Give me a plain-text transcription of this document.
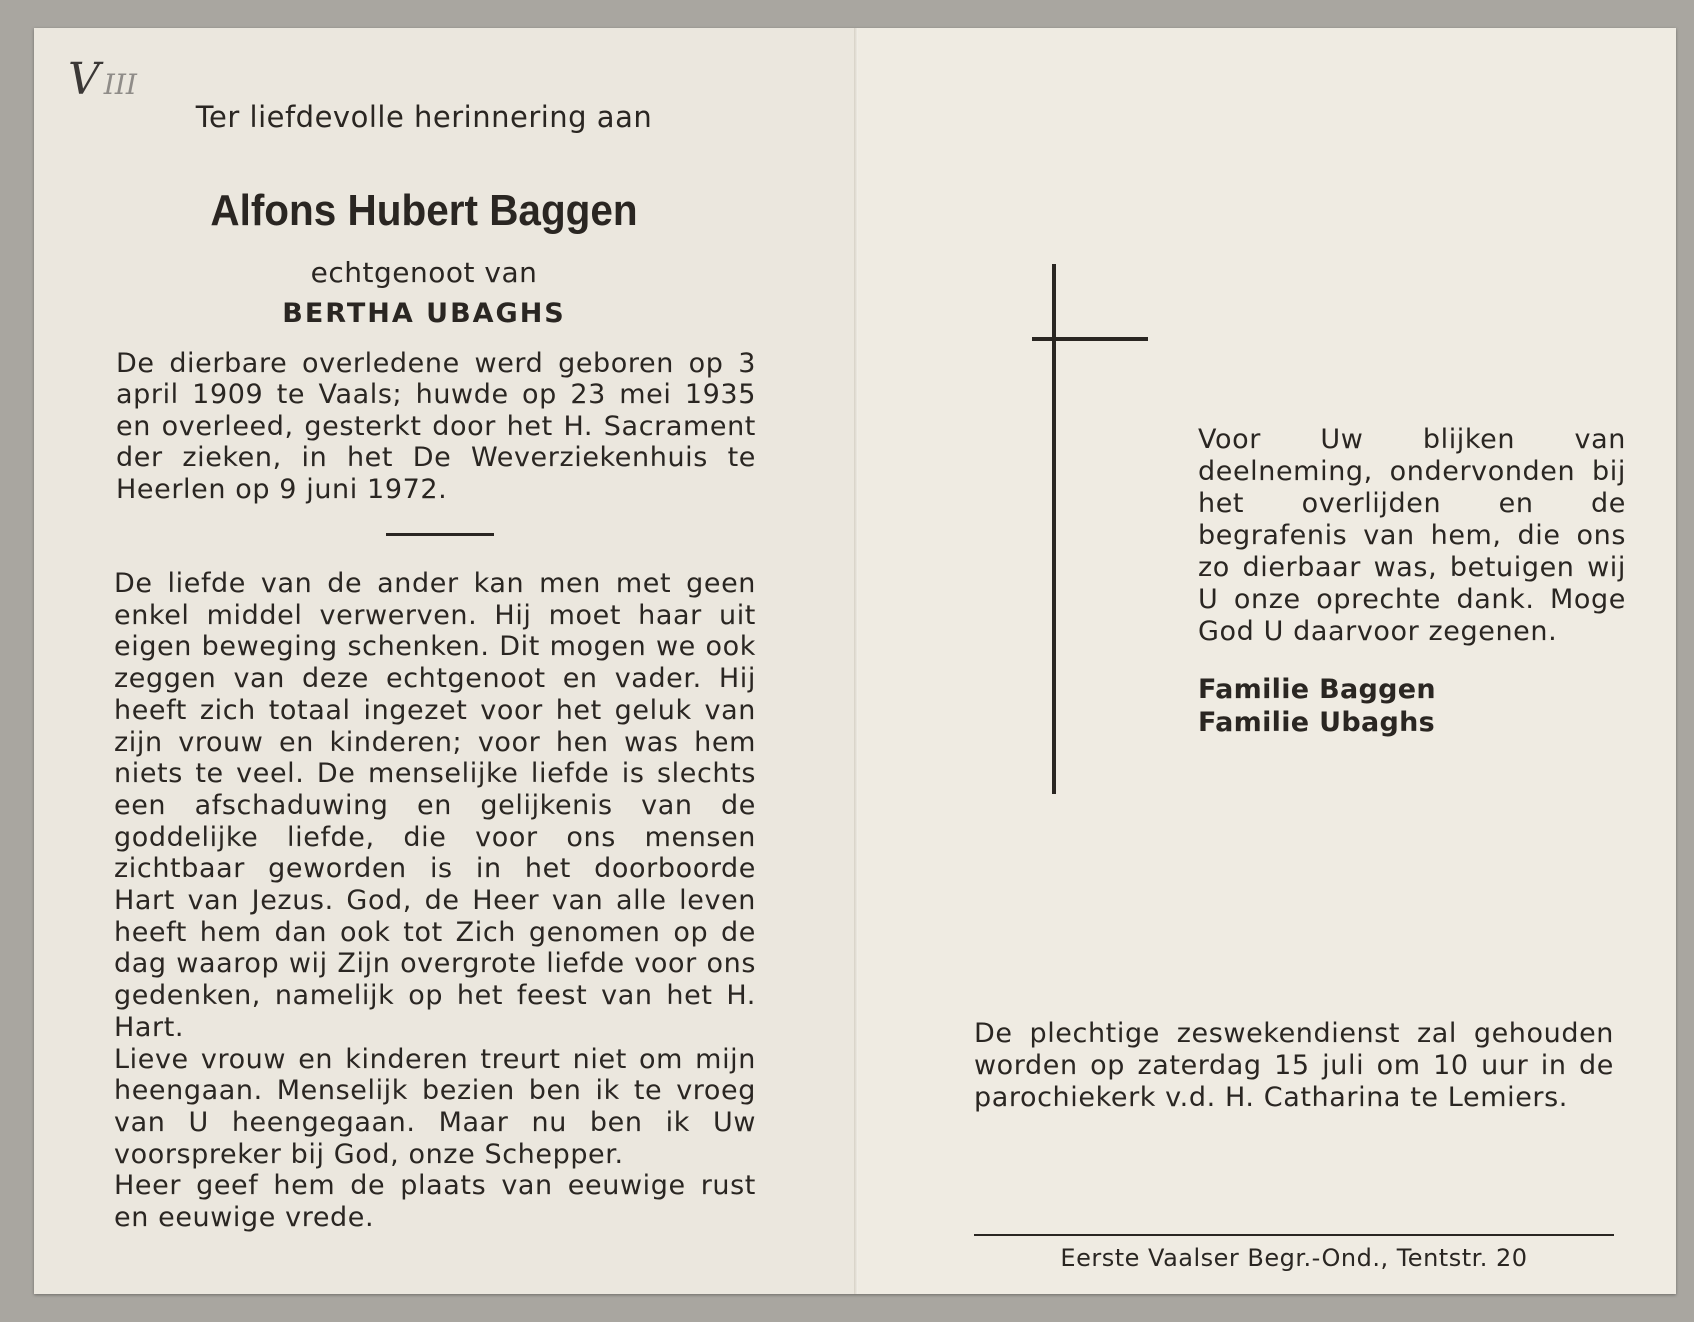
VIII
Ter liefdevolle herinnering aan
Alfons Hubert Baggen
echtgenoot van
BERTHA UBAGHS
De dierbare overledene werd geboren op 3 april 1909 te Vaals; huwde op 23 mei 1935 en overleed, gesterkt door het H. Sacrament der zieken, in het De Weverziekenhuis te Heerlen op 9 juni 1972.
De liefde van de ander kan men met geen enkel middel verwerven. Hij moet haar uit eigen beweging schenken. Dit mogen we ook zeggen van deze echtgenoot en vader. Hij heeft zich totaal ingezet voor het geluk van zijn vrouw en kinderen; voor hen was hem niets te veel. De menselijke liefde is slechts een afschaduwing en gelijkenis van de goddelijke liefde, die voor ons mensen zichtbaar geworden is in het doorboorde Hart van Jezus. God, de Heer van alle leven heeft hem dan ook tot Zich genomen op de dag waarop wij Zijn overgrote liefde voor ons gedenken, namelijk op het feest van het H. Hart.
Lieve vrouw en kinderen treurt niet om mijn heengaan. Menselijk bezien ben ik te vroeg van U heengegaan. Maar nu ben ik Uw voorspreker bij God, onze Schepper.
Heer geef hem de plaats van eeuwige rust en eeuwige vrede.
Voor Uw blijken van deelneming, ondervonden bij het overlijden en de begrafenis van hem, die ons zo dierbaar was, betuigen wij U onze oprechte dank. Moge God U daarvoor zegenen.
Familie Baggen
Familie Ubaghs
De plechtige zeswekendienst zal gehouden worden op zaterdag 15 juli om 10 uur in de parochiekerk v.d. H. Catharina te Lemiers.
Eerste Vaalser Begr.-Ond., Tentstr. 20
